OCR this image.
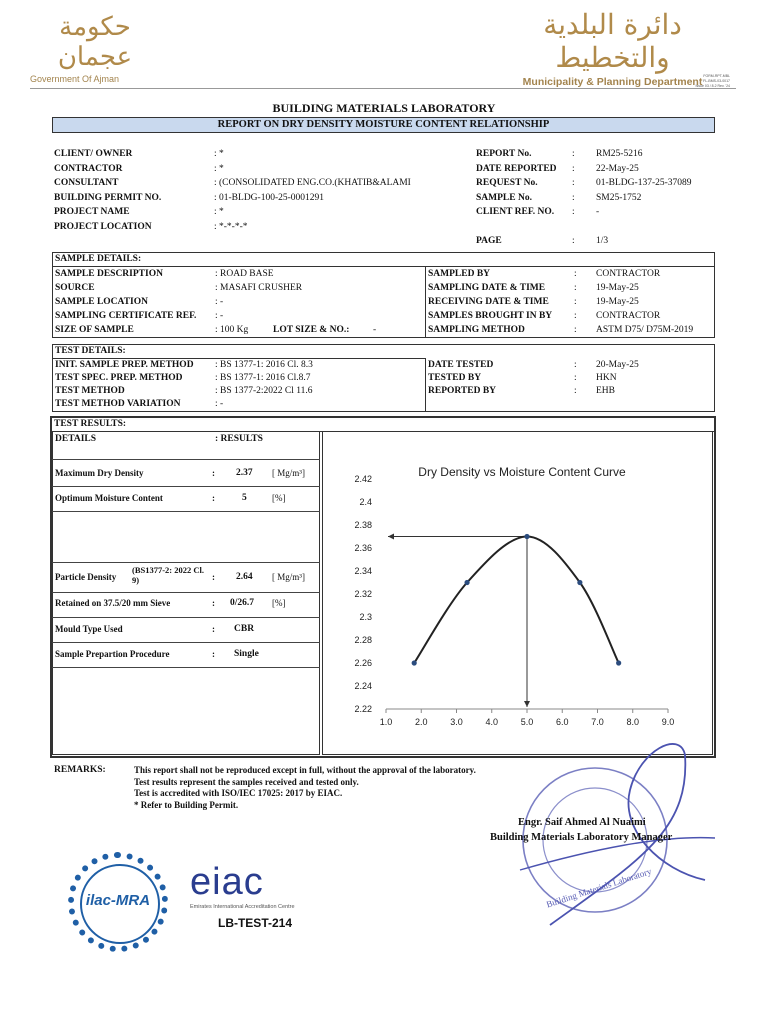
حكومة عجمان
Government Of Ajman
دائرة البلدية والتخطيط
Municipality & Planning Department FORM-RPT-MBL
FL-BMS-03-0017
Issue 03 / 8.2 Rev. '24
BUILDING MATERIALS LABORATORY
REPORT ON DRY DENSITY MOISTURE CONTENT RELATIONSHIP
CLIENT/ OWNER	: *
CONTRACTOR	: *
CONSULTANT	: (CONSOLIDATED ENG.CO.(KHATIB&ALAMI
BUILDING PERMIT NO.	: 01-BLDG-100-25-0001291
PROJECT NAME	: *
PROJECT LOCATION	: *-*-*-*
REPORT No.	: RM25-5216
DATE REPORTED : 22-May-25
REQUEST No.	: 01-BLDG-137-25-37089
SAMPLE No.	: SM25-1752
CLIENT REF. NO. : -
PAGE	: 1/3
SAMPLE DETAILS:
SAMPLE DESCRIPTION	: ROAD BASE
SOURCE	: MASAFI CRUSHER
SAMPLE LOCATION	: -
SAMPLING CERTIFICATE REF. : -
SIZE OF SAMPLE	: 100 Kg	LOT SIZE & NO.: -
SAMPLED BY	: CONTRACTOR
SAMPLING DATE & TIME	: 19-May-25
RECEIVING DATE & TIME	: 19-May-25
SAMPLES BROUGHT IN BY : CONTRACTOR
SAMPLING METHOD	: ASTM D75/ D75M-2019
TEST DETAILS:
INIT. SAMPLE PREP. METHOD : BS 1377-1: 2016 Cl. 8.3
TEST SPEC. PREP. METHOD	: BS 1377-1: 2016 Cl.8.7
TEST METHOD	: BS 1377-2:2022 Cl 11.6
TEST METHOD VARIATION	: -
DATE TESTED	: 20-May-25
TESTED BY	: HKN
REPORTED BY	: EHB
TEST RESULTS:
DETAILS	: RESULTS
Maximum Dry Density	: 2.37 [ Mg/m³]
Optimum Moisture Content	:	5	[%]
Particle Density
(BS1377-2: 2022 Cl. 9)	: 2.64 [ Mg/m³]
Retained on 37.5/20 mm Sieve	: 0/26.7 [%]
Mould Type Used	: CBR
Sample Prepartion Procedure	: Single
Dry Density vs Moisture Content Curve
2.22
2.24
2.26
2.28
2.3
2.32
2.34
2.36
2.38
2.4
2.42
1.0	2.0	3.0	4.0	5.0	6.0	7.0	8.0	9.0
REMARKS:	This report shall not be reproduced except in full, without the approval of the laboratory.
Test results represent the samples received and tested only.
Test is accredited with ISO/IEC 17025: 2017 by EIAC.
* Refer to Building Permit.
Engr. Saif Ahmed Al Nuaimi
Building Materials Laboratory Manager
Building Materials Laboratory
ilac-MRA	eiac
Emirates International Accreditation Centre
LB-TEST-214
